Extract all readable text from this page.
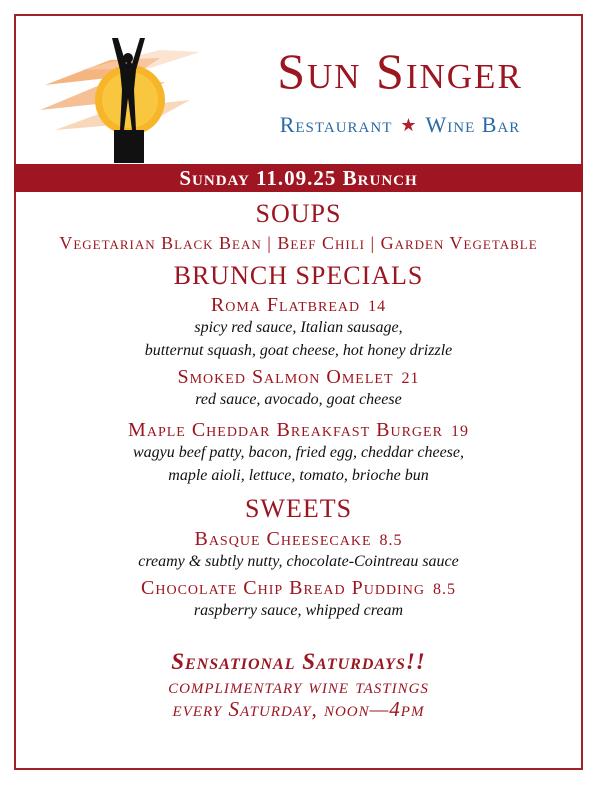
Sun Singer
Restaurant ★ Wine Bar
Sunday 11.09.25 Brunch
SOUPS
Vegetarian Black Bean | Beef Chili | Garden Vegetable
BRUNCH SPECIALS
Roma Flatbread 14
spicy red sauce, Italian sausage,
butternut squash, goat cheese, hot honey drizzle
Smoked Salmon Omelet 21
red sauce, avocado, goat cheese
Maple Cheddar Breakfast Burger 19
wagyu beef patty, bacon, fried egg, cheddar cheese,
maple aioli, lettuce, tomato, brioche bun
SWEETS
Basque Cheesecake 8.5
creamy & subtly nutty, chocolate-Cointreau sauce
Chocolate Chip Bread Pudding 8.5
raspberry sauce, whipped cream
Sensational Saturdays!!
complimentary wine tastings
every Saturday, noon—4pm
